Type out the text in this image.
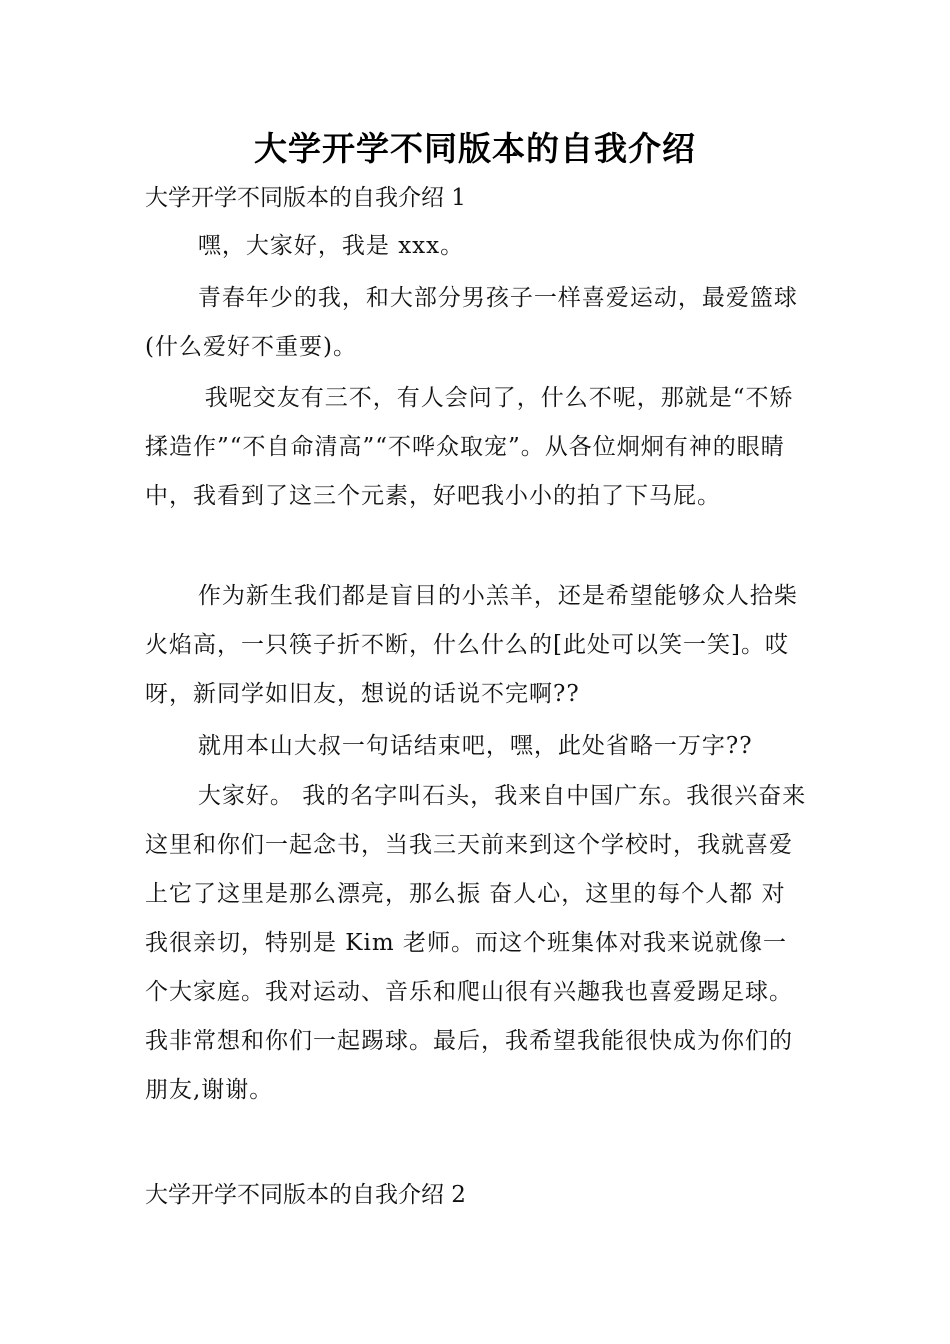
大学开学不同版本的自我介绍
大学开学不同版本的自我介绍 1

嘿，大家好，我是 xxx。

青春年少的我，和大部分男孩子一样喜爱运动，最爱篮球(什么爱好不重要)。

我呢交友有三不，有人会问了，什么不呢，那就是“不矫揉造作”“不自命清高”“不哗众取宠”。从各位炯炯有神的眼睛中，我看到了这三个元素，好吧我小小的拍了下马屁。

作为新生我们都是盲目的小羔羊，还是希望能够众人拾柴火焰高，一只筷子折不断，什么什么的[此处可以笑一笑]。哎呀，新同学如旧友，想说的话说不完啊??

就用本山大叔一句话结束吧，嘿，此处省略一万字??

大家好。 我的名字叫石头，我来自中国广东。我很兴奋来这里和你们一起念书，当我三天前来到这个学校时，我就喜爱上它了这里是那么漂亮，那么振 奋人心，这里的每个人都 对我很亲切，特别是 Kim 老师。而这个班集体对我来说就像一个大家庭。我对运动、音乐和爬山很有兴趣我也喜爱踢足球。我非常想和你们一起踢球。最后，我希望我能很快成为你们的朋友,谢谢。

大学开学不同版本的自我介绍 2
